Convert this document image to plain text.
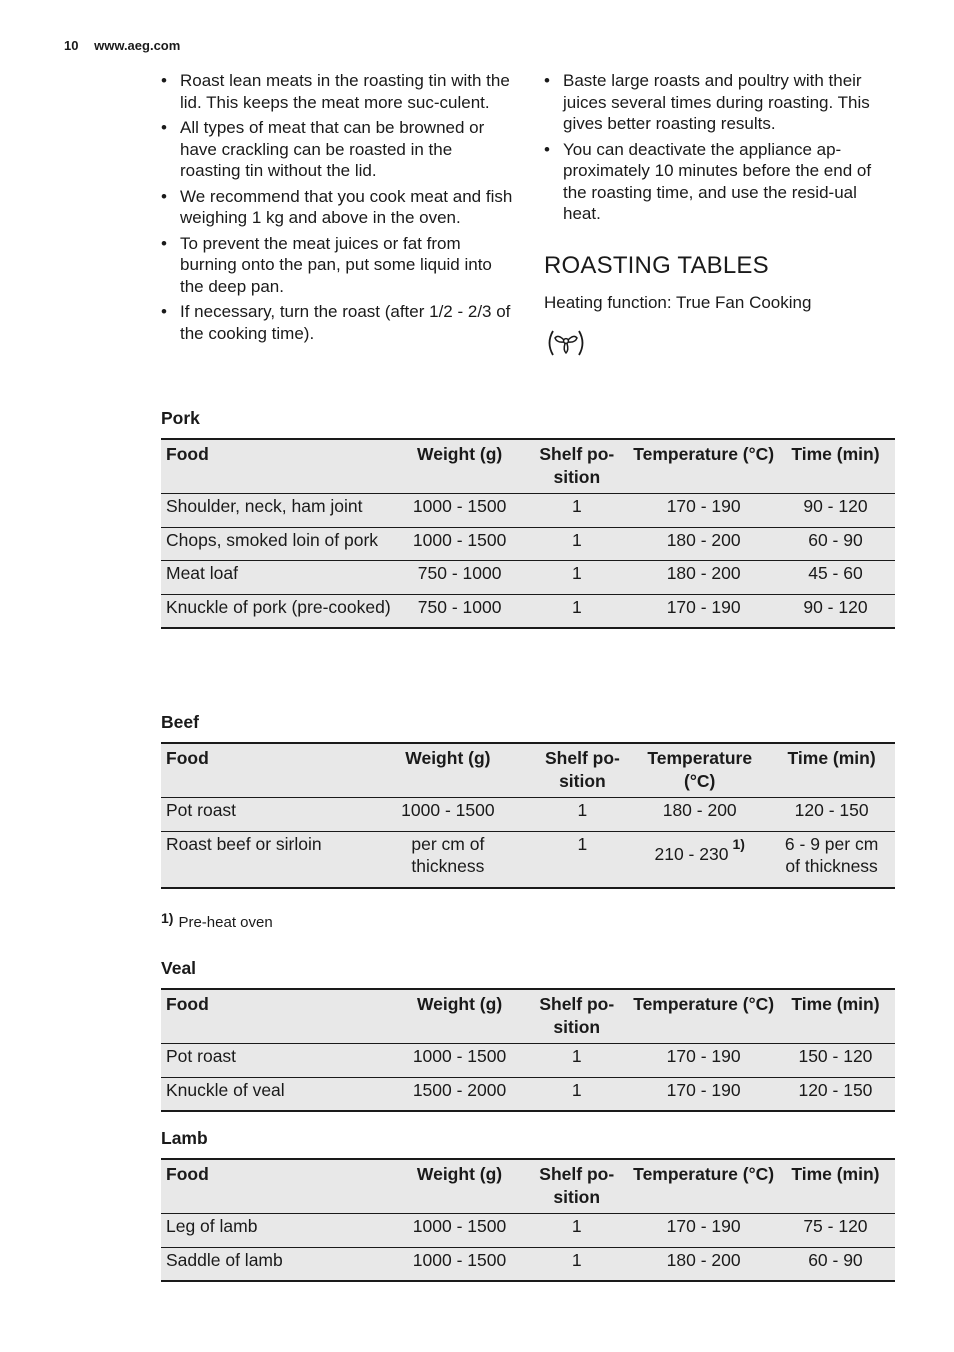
10 www.aeg.com
• Roast lean meats in the roasting tin with the lid. This keeps the meat more suc-culent.
• All types of meat that can be browned or have crackling can be roasted in the roasting tin without the lid.
• We recommend that you cook meat and fish weighing 1 kg and above in the oven.
• To prevent the meat juices or fat from burning onto the pan, put some liquid into the deep pan.
• If necessary, turn the roast (after 1/2 - 2/3 of the cooking time).
• Baste large roasts and poultry with their juices several times during roasting. This gives better roasting results.
• You can deactivate the appliance ap-proximately 10 minutes before the end of the roasting time, and use the resid-ual heat.
ROASTING TABLES
Heating function: True Fan Cooking
Pork
Food	Weight (g)	Shelf po-sition	Temperature (°C)	Time (min)
Shoulder, neck, ham joint	1000 - 1500	1	170 - 190	90 - 120
Chops, smoked loin of pork	1000 - 1500	1	180 - 200	60 - 90
Meat loaf	750 - 1000	1	180 - 200	45 - 60
Knuckle of pork (pre-cooked)	750 - 1000	1	170 - 190	90 - 120
Beef
Food	Weight (g)	Shelf po-sition	Temperature (°C)	Time (min)
Pot roast	1000 - 1500	1	180 - 200	120 - 150
Roast beef or sirloin	per cm of thickness	1	210 - 230 $^{1)}$	6 - 9 per cm of thickness
1) Pre-heat oven
Veal
Food	Weight (g)	Shelf po-sition	Temperature (°C)	Time (min)
Pot roast	1000 - 1500	1	170 - 190	150 - 120
Knuckle of veal	1500 - 2000	1	170 - 190	120 - 150
Lamb
Food	Weight (g)	Shelf po-sition	Temperature (°C)	Time (min)
Leg of lamb	1000 - 1500	1	170 - 190	75 - 120
Saddle of lamb	1000 - 1500	1	180 - 200	60 - 90
